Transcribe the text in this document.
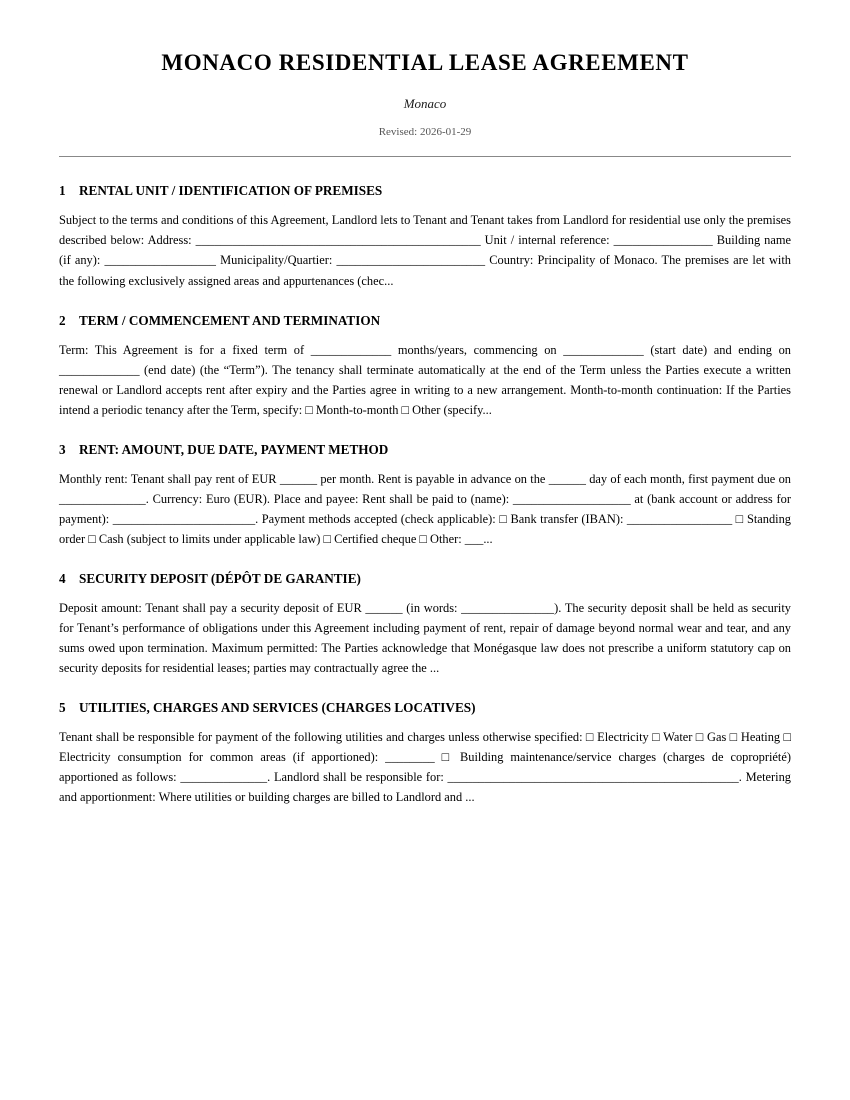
MONACO RESIDENTIAL LEASE AGREEMENT
Monaco
Revised: 2026-01-29
1 RENTAL UNIT / IDENTIFICATION OF PREMISES

Subject to the terms and conditions of this Agreement, Landlord lets to Tenant and Tenant takes from Landlord for residential use only the premises described below: Address: ______________________________________________ Unit / internal reference: ________________ Building name (if any): __________________ Municipality/Quartier: ________________________ Country: Principality of Monaco. The premises are let with the following exclusively assigned areas and appurtenances (chec...

2 TERM / COMMENCEMENT AND TERMINATION

Term: This Agreement is for a fixed term of _____________ months/years, commencing on _____________ (start date) and ending on _____________ (end date) (the “Term”). The tenancy shall terminate automatically at the end of the Term unless the Parties execute a written renewal or Landlord accepts rent after expiry and the Parties agree in writing to a new arrangement. Month-to-month continuation: If the Parties intend a periodic tenancy after the Term, specify: □ Month-to-month □ Other (specify...

3 RENT: AMOUNT, DUE DATE, PAYMENT METHOD

Monthly rent: Tenant shall pay rent of EUR ______ per month. Rent is payable in advance on the ______ day of each month, first payment due on ______________. Currency: Euro (EUR). Place and payee: Rent shall be paid to (name): ___________________ at (bank account or address for payment): _______________________. Payment methods accepted (check applicable): □ Bank transfer (IBAN): _________________ □ Standing order □ Cash (subject to limits under applicable law) □ Certified cheque □ Other: ___...

4 SECURITY DEPOSIT (DÉPÔT DE GARANTIE)

Deposit amount: Tenant shall pay a security deposit of EUR ______ (in words: _______________). The security deposit shall be held as security for Tenant’s performance of obligations under this Agreement including payment of rent, repair of damage beyond normal wear and tear, and any sums owed upon termination. Maximum permitted: The Parties acknowledge that Monégasque law does not prescribe a uniform statutory cap on security deposits for residential leases; parties may contractually agree the ...

5 UTILITIES, CHARGES AND SERVICES (CHARGES LOCATIVES)

Tenant shall be responsible for payment of the following utilities and charges unless otherwise specified: □ Electricity □ Water □ Gas □ Heating □ Electricity consumption for common areas (if apportioned): ________ □ Building maintenance/service charges (charges de copropriété) apportioned as follows: ______________. Landlord shall be responsible for: _______________________________________________. Metering and apportionment: Where utilities or building charges are billed to Landlord and ...
